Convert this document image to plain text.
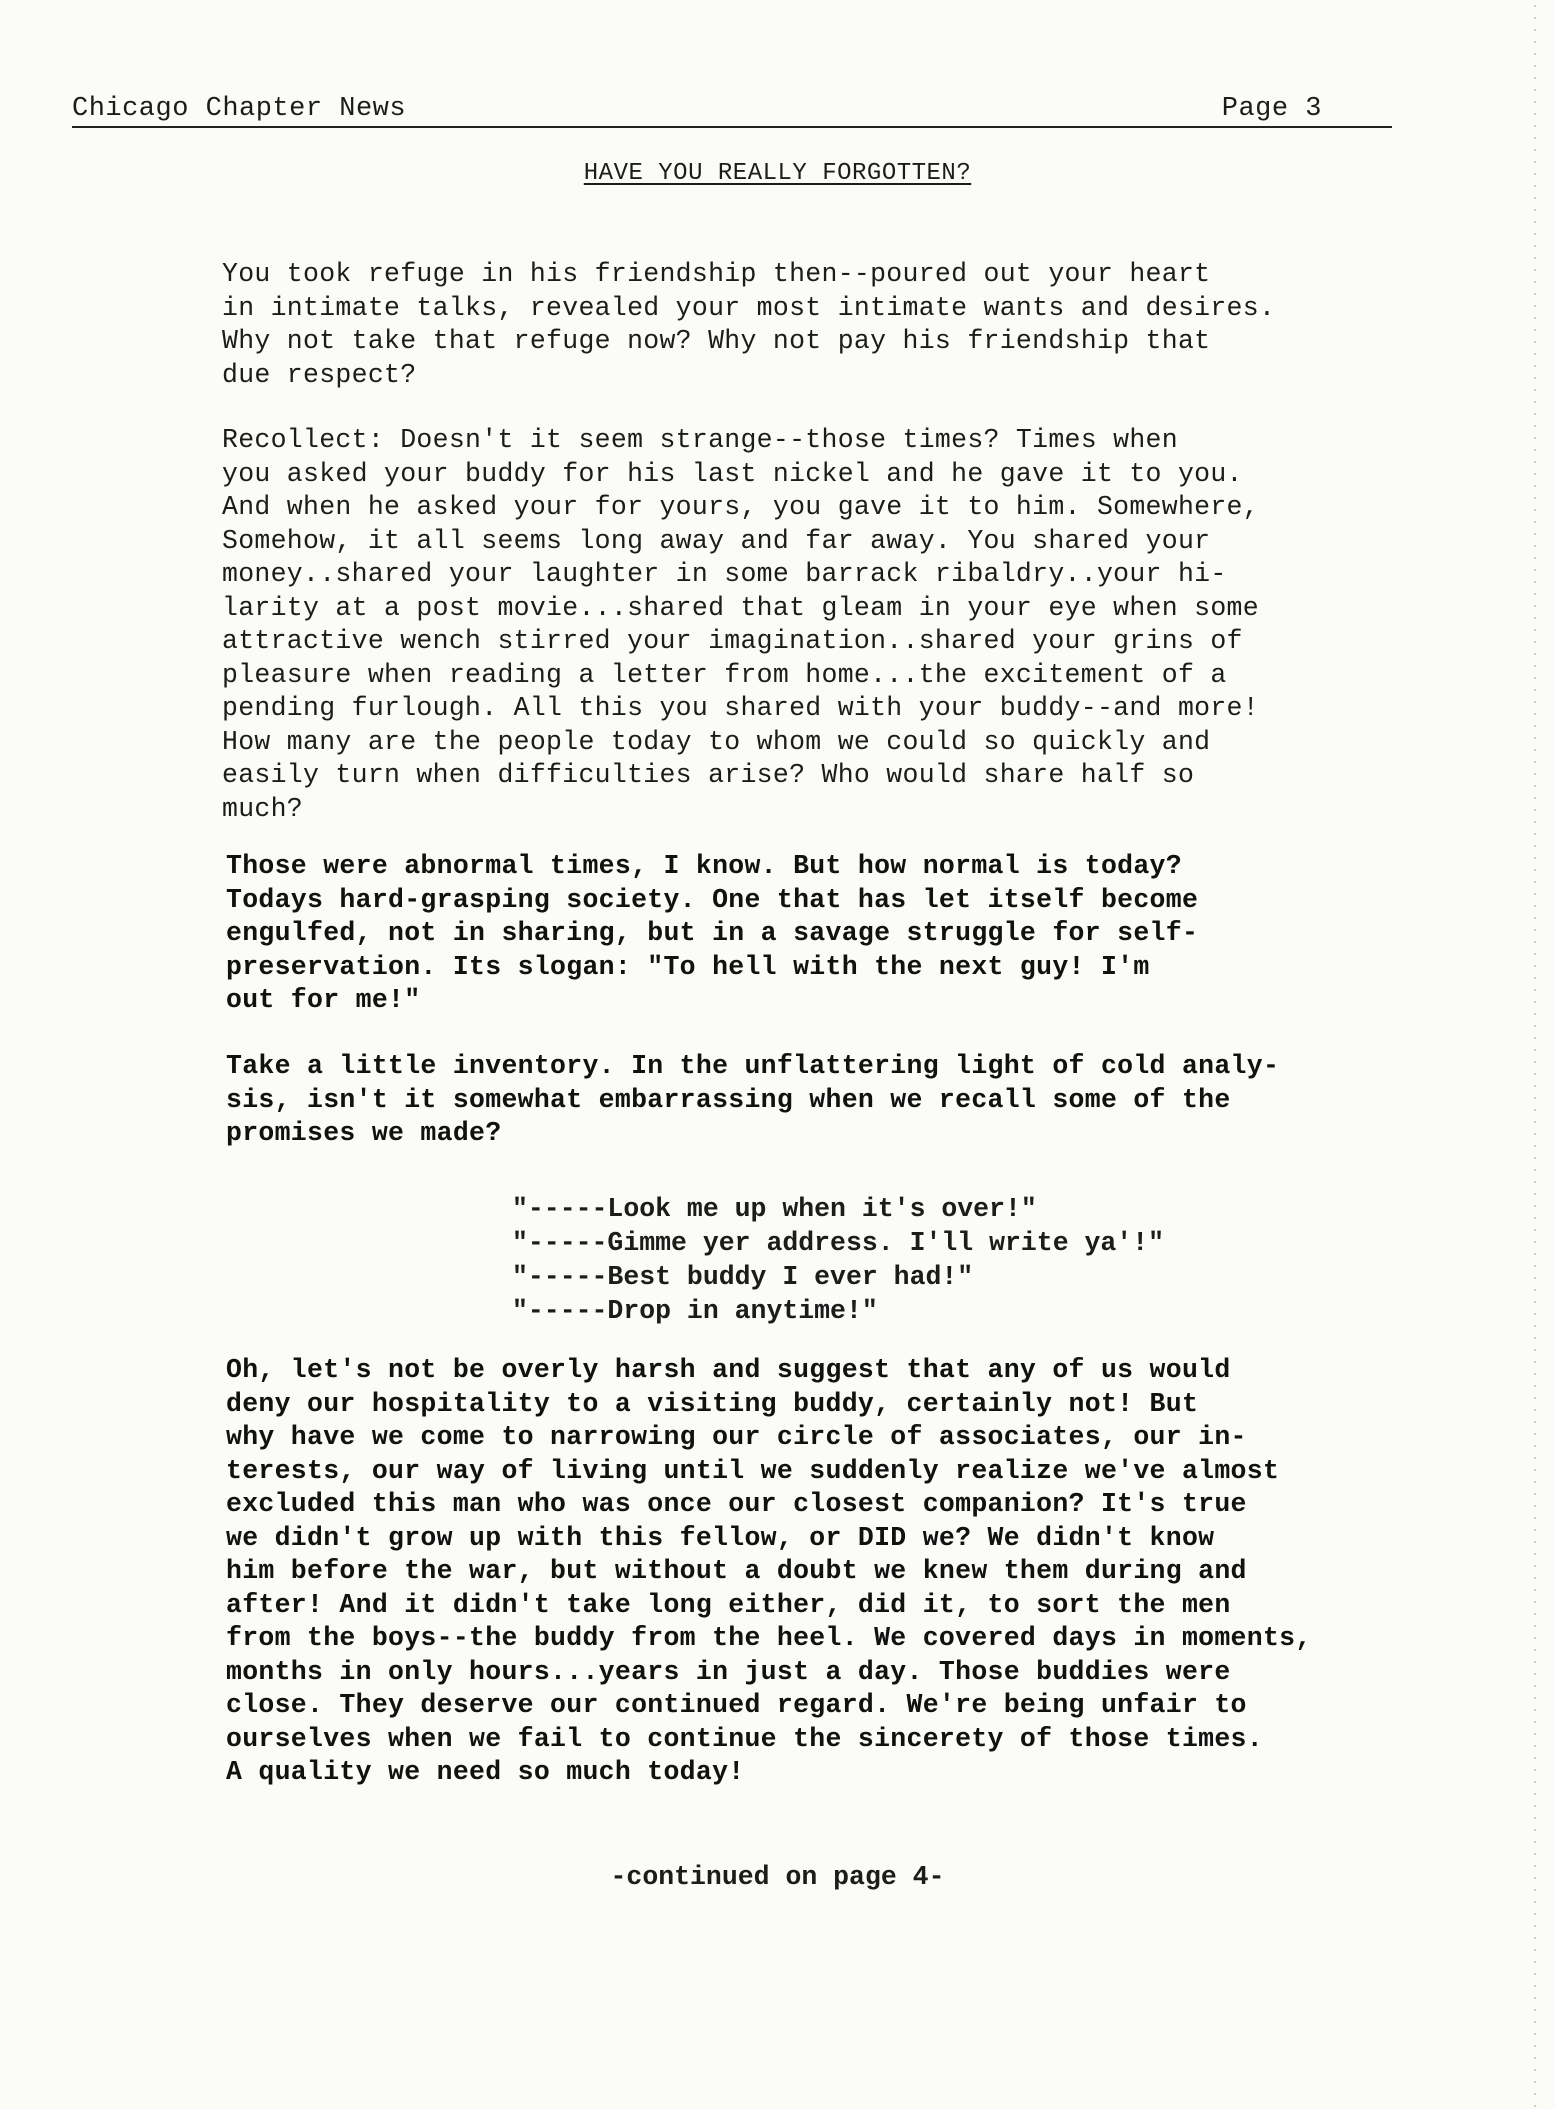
Chicago Chapter News	Page 3
HAVE YOU REALLY FORGOTTEN?
You took refuge in his friendship then--poured out your heart
in intimate talks, revealed your most intimate wants and desires.
Why not take that refuge now? Why not pay his friendship that
due respect?
Recollect: Doesn't it seem strange--those times? Times when
you asked your buddy for his last nickel and he gave it to you.
And when he asked your for yours, you gave it to him. Somewhere,
Somehow, it all seems long away and far away. You shared your
money..shared your laughter in some barrack ribaldry..your hi-
larity at a post movie...shared that gleam in your eye when some
attractive wench stirred your imagination..shared your grins of
pleasure when reading a letter from home...the excitement of a
pending furlough. All this you shared with your buddy--and more!
How many are the people today to whom we could so quickly and
easily turn when difficulties arise? Who would share half so
much?
Those were abnormal times, I know. But how normal is today?
Todays hard-grasping society. One that has let itself become
engulfed, not in sharing, but in a savage struggle for self-
preservation. Its slogan: "To hell with the next guy! I'm
out for me!"
Take a little inventory. In the unflattering light of cold analy-
sis, isn't it somewhat embarrassing when we recall some of the
promises we made?
"-----Look me up when it's over!"
"-----Gimme yer address. I'll write ya'!"
"-----Best buddy I ever had!"
"-----Drop in anytime!"
Oh, let's not be overly harsh and suggest that any of us would
deny our hospitality to a visiting buddy, certainly not! But
why have we come to narrowing our circle of associates, our in-
terests, our way of living until we suddenly realize we've almost
excluded this man who was once our closest companion? It's true
we didn't grow up with this fellow, or DID we? We didn't know
him before the war, but without a doubt we knew them during and
after! And it didn't take long either, did it, to sort the men
from the boys--the buddy from the heel. We covered days in moments,
months in only hours...years in just a day. Those buddies were
close. They deserve our continued regard. We're being unfair to
ourselves when we fail to continue the sincerety of those times.
A quality we need so much today!
-continued on page 4-
